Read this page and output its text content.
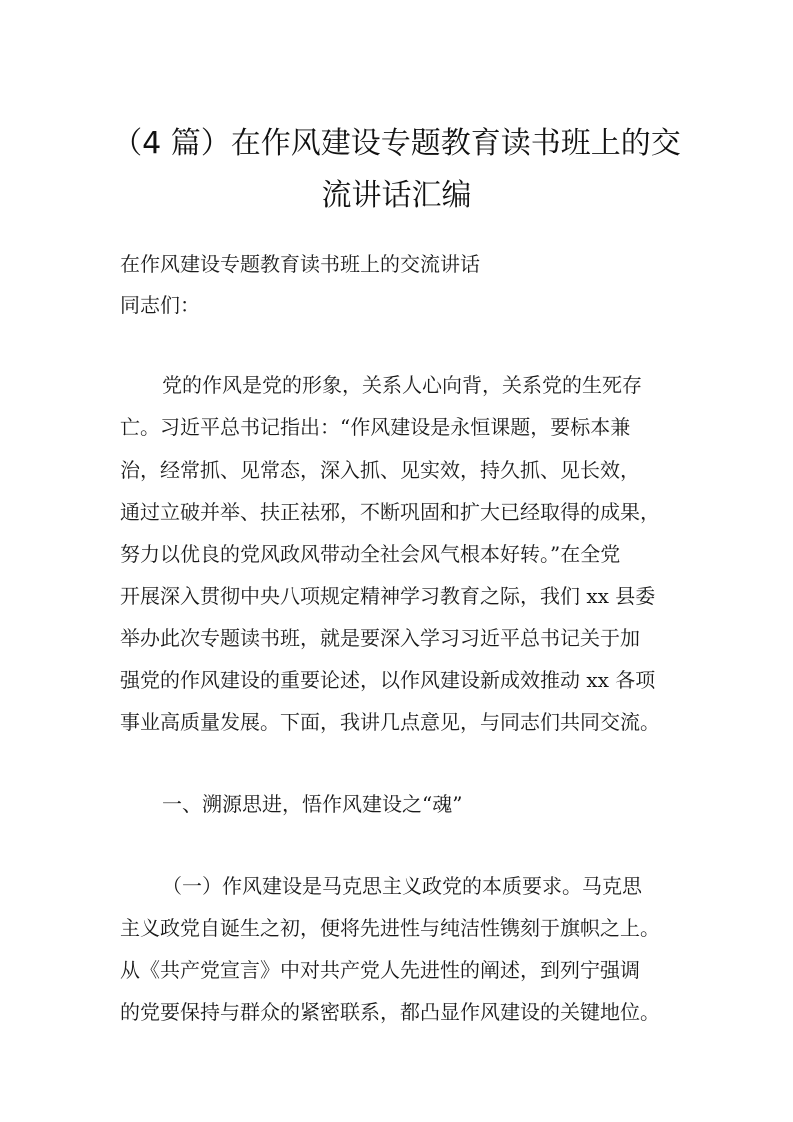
（4 篇）在作风建设专题教育读书班上的交
流讲话汇编
在作风建设专题教育读书班上的交流讲话
同志们：
党的作风是党的形象，关系人心向背，关系党的生死存
亡。习近平总书记指出：“作风建设是永恒课题，要标本兼
治，经常抓、见常态，深入抓、见实效，持久抓、见长效，
通过立破并举、扶正祛邪，不断巩固和扩大已经取得的成果，
努力以优良的党风政风带动全社会风气根本好转。”在全党
开展深入贯彻中央八项规定精神学习教育之际，我们 xx 县委
举办此次专题读书班，就是要深入学习习近平总书记关于加
强党的作风建设的重要论述，以作风建设新成效推动 xx 各项
事业高质量发展。下面，我讲几点意见，与同志们共同交流。
一、溯源思进，悟作风建设之“魂”
（一）作风建设是马克思主义政党的本质要求。马克思
主义政党自诞生之初，便将先进性与纯洁性镌刻于旗帜之上。
从《共产党宣言》中对共产党人先进性的阐述，到列宁强调
的党要保持与群众的紧密联系，都凸显作风建设的关键地位。
